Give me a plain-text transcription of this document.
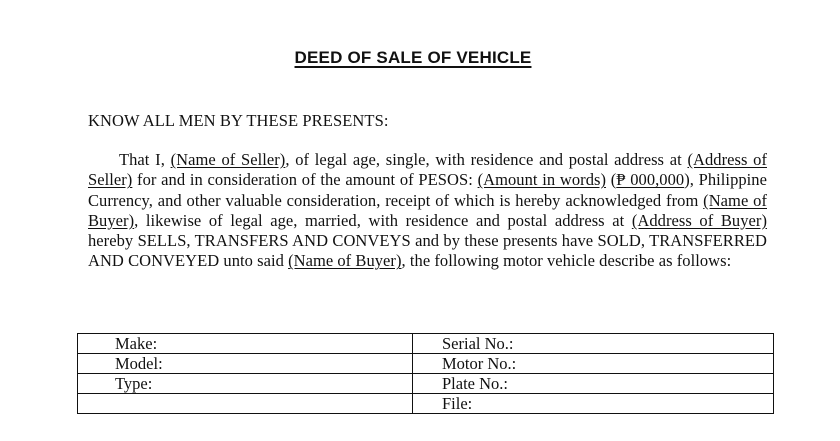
DEED OF SALE OF VEHICLE
KNOW ALL MEN BY THESE PRESENTS:

That I, (Name of Seller), of legal age, single, with residence and postal address at (Address of Seller) for and in consideration of the amount of PESOS: (Amount in words) (₱ 000,000), Philippine Currency, and other valuable consideration, receipt of which is hereby acknowledged from (Name of Buyer), likewise of legal age, married, with residence and postal address at (Address of Buyer) hereby SELLS, TRANSFERS AND CONVEYS and by these presents have SOLD, TRANSFERRED AND CONVEYED unto said (Name of Buyer), the following motor vehicle describe as follows:

Make:	Serial No.:
Model:	Motor No.:
Type:	Plate No.:
	File:
